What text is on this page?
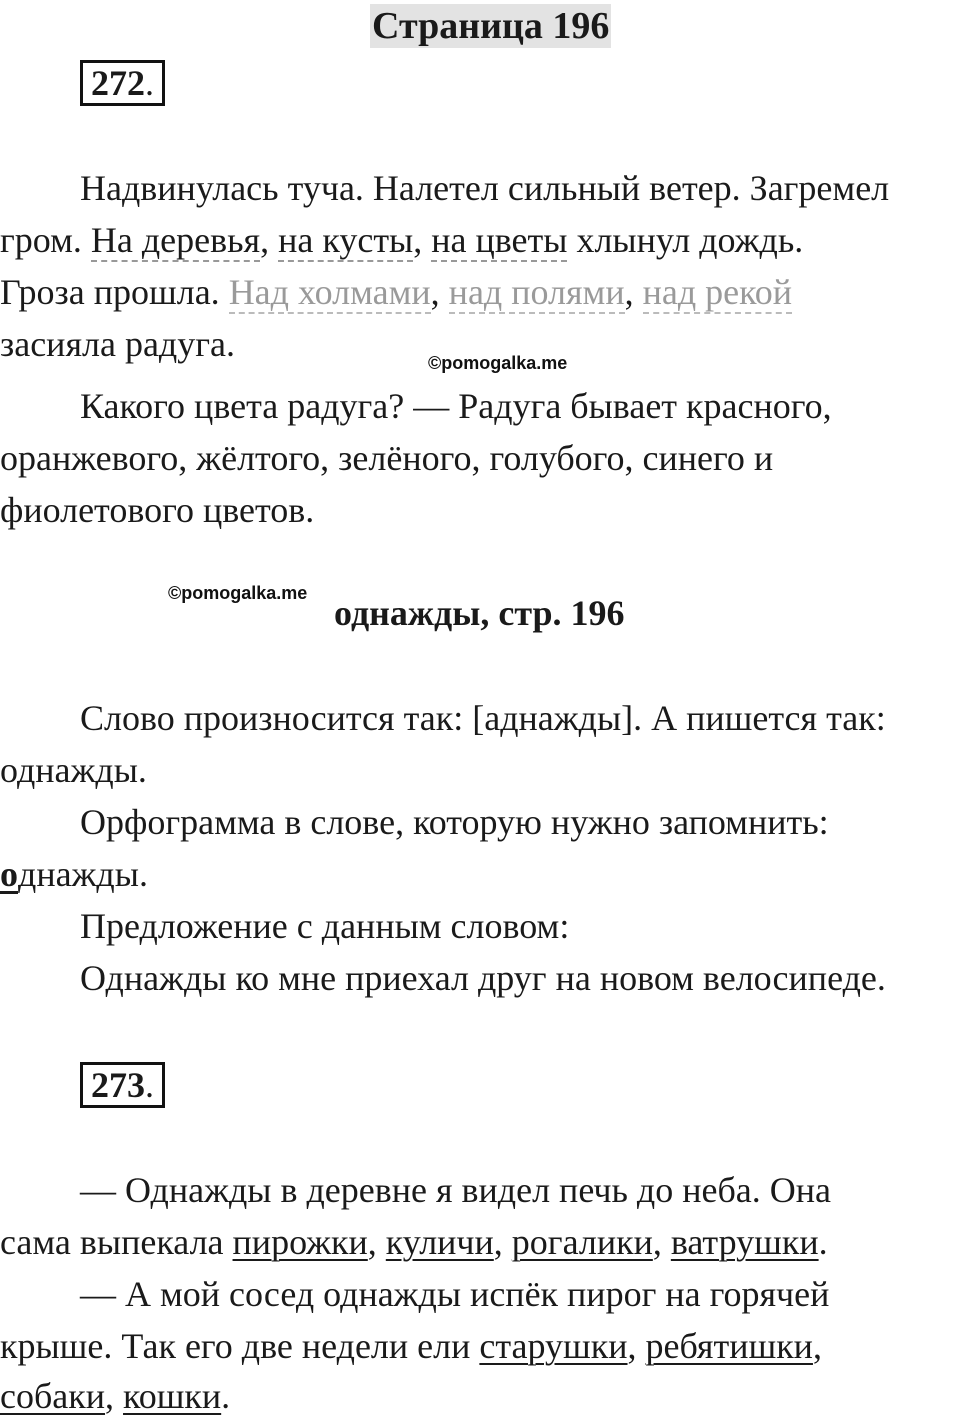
Страница 196
272.
Надвинулась туча. Налетел сильный ветер. Загремел
гром. На деревья, на кусты, на цветы хлынул дождь.
Гроза прошла. Над холмами, над полями, над рекой
засияла радуга.	©pomogalka.me
Какого цвета радуга? — Радуга бывает красного,
оранжевого, жёлтого, зелёного, голубого, синего и
фиолетового цветов.
©pomogalka.me однажды, стр. 196
Слово произносится так: [аднажды]. А пишется так:
однажды.
Орфограмма в слове, которую нужно запомнить:
однажды.
Предложение с данным словом:
Однажды ко мне приехал друг на новом велосипеде.
273.
— Однажды в деревне я видел печь до неба. Она
сама выпекала пирожки, куличи, рогалики, ватрушки.
— А мой сосед однажды испёк пирог на горячей
крыше. Так его две недели ели старушки, ребятишки,
собаки, кошки.
